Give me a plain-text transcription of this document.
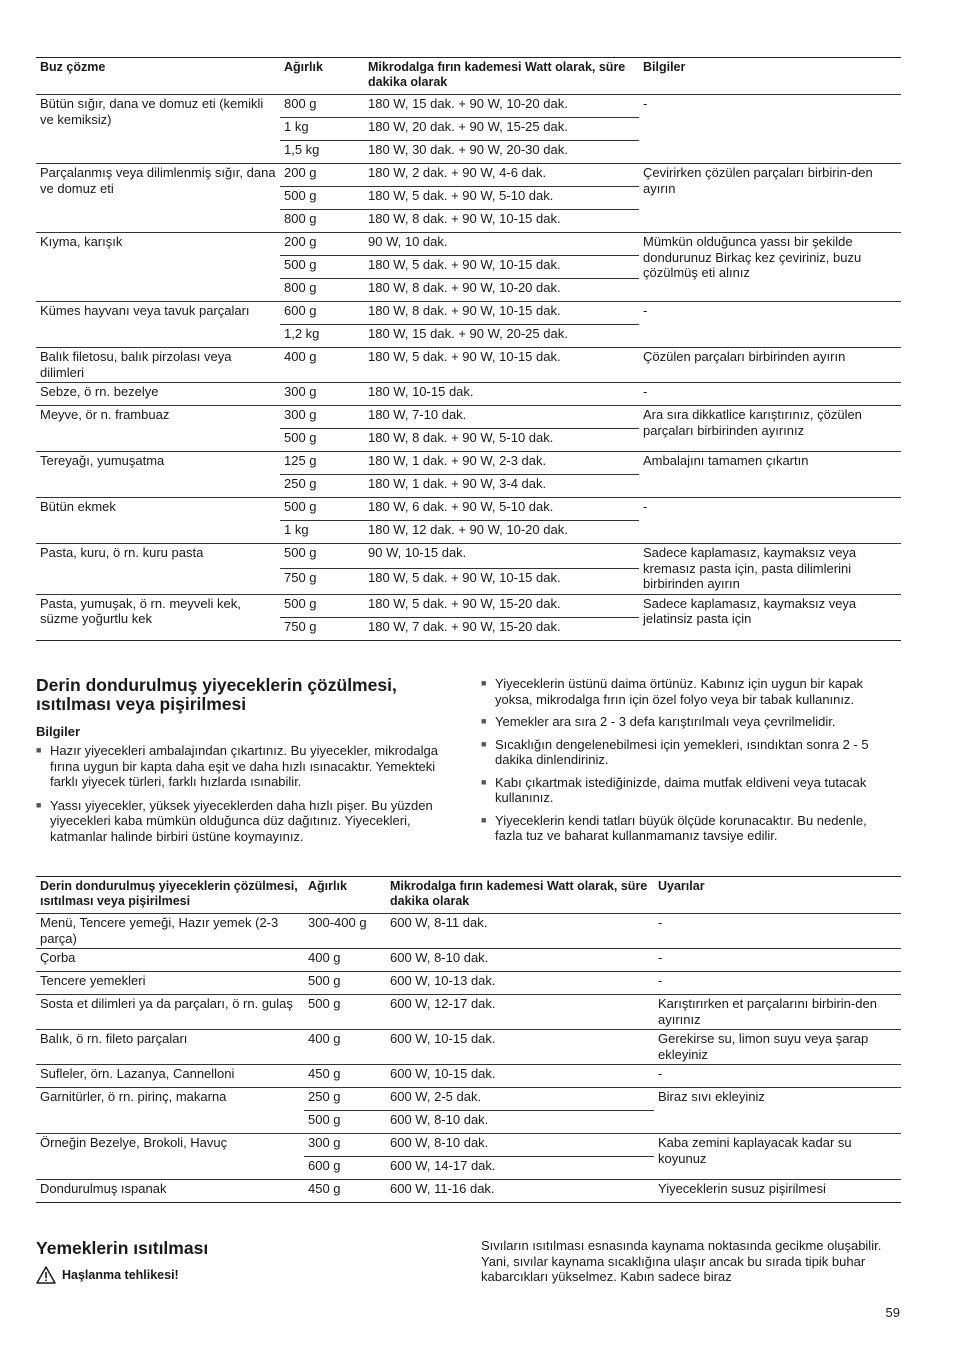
Buz çözme	Ağırlık	Mikrodalga fırın kademesi Watt olarak, süre dakika olarak	Bilgiler
Bütün sığır, dana ve domuz eti (kemikli ve kemiksiz)	800 g	180 W, 15 dak. + 90 W, 10-20 dak.	-
	1 kg	180 W, 20 dak. + 90 W, 15-25 dak.	
	1,5 kg	180 W, 30 dak. + 90 W, 20-30 dak.	
Parçalanmış veya dilimlenmiş sığır, dana ve domuz eti	200 g	180 W, 2 dak. + 90 W, 4-6 dak.	Çevirirken çözülen parçaları birbirin-den ayırın
	500 g	180 W, 5 dak. + 90 W, 5-10 dak.	
	800 g	180 W, 8 dak. + 90 W, 10-15 dak.	
Kıyma, karışık	200 g	90 W, 10 dak.	Mümkün olduğunca yassı bir şekilde dondurunuz Birkaç kez çeviriniz, buzu çözülmüş eti alınız
	500 g	180 W, 5 dak. + 90 W, 10-15 dak.	
	800 g	180 W, 8 dak. + 90 W, 10-20 dak.	
Kümes hayvanı veya tavuk parçaları	600 g	180 W, 8 dak. + 90 W, 10-15 dak.	-
	1,2 kg	180 W, 15 dak. + 90 W, 20-25 dak.	
Balık filetosu, balık pirzolası veya dilimleri	400 g	180 W, 5 dak. + 90 W, 10-15 dak.	Çözülen parçaları birbirinden ayırın
Sebze, ö rn. bezelye	300 g	180 W, 10-15 dak.	-
Meyve, ör n. frambuaz	300 g	180 W, 7-10 dak.	Ara sıra dikkatlice karıştırınız, çözülen parçaları birbirinden ayırınız
	500 g	180 W, 8 dak. + 90 W, 5-10 dak.	
Tereyağı, yumuşatma	125 g	180 W, 1 dak. + 90 W, 2-3 dak.	Ambalajını tamamen çıkartın
	250 g	180 W, 1 dak. + 90 W, 3-4 dak.	
Bütün ekmek	500 g	180 W, 6 dak. + 90 W, 5-10 dak.	-
	1 kg	180 W, 12 dak. + 90 W, 10-20 dak.	
Pasta, kuru, ö rn. kuru pasta	500 g	90 W, 10-15 dak.	Sadece kaplamasız, kaymaksız veya kremasız pasta için, pasta dilimlerini birbirinden ayırın
	750 g	180 W, 5 dak. + 90 W, 10-15 dak.	
Pasta, yumuşak, ö rn. meyveli kek, süzme yoğurtlu kek	500 g	180 W, 5 dak. + 90 W, 15-20 dak.	Sadece kaplamasız, kaymaksız veya jelatinsiz pasta için
	750 g	180 W, 7 dak. + 90 W, 15-20 dak.	
Derin dondurulmuş yiyeceklerin çözülmesi, ısıtılması veya pişirilmesi
Bilgiler
■ Hazır yiyecekleri ambalajından çıkartınız. Bu yiyecekler, mikrodalga fırına uygun bir kapta daha eşit ve daha hızlı ısınacaktır. Yemekteki farklı yiyecek türleri, farklı hızlarda ısınabilir.
■ Yassı yiyecekler, yüksek yiyeceklerden daha hızlı pişer. Bu yüzden yiyecekleri kaba mümkün olduğunca düz dağıtınız. Yiyecekleri, katmanlar halinde birbiri üstüne koymayınız.
■ Yiyeceklerin üstünü daima örtünüz. Kabınız için uygun bir kapak yoksa, mikrodalga fırın için özel folyo veya bir tabak kullanınız.
■ Yemekler ara sıra 2 - 3 defa karıştırılmalı veya çevrilmelidir.
■ Sıcaklığın dengelenebilmesi için yemekleri, ısındıktan sonra 2 - 5 dakika dinlendiriniz.
■ Kabı çıkartmak istediğinizde, daima mutfak eldiveni veya tutacak kullanınız.
■ Yiyeceklerin kendi tatları büyük ölçüde korunacaktır. Bu nedenle, fazla tuz ve baharat kullanmamanız tavsiye edilir.
Derin dondurulmuş yiyeceklerin çözülmesi, ısıtılması veya pişirilmesi	Ağırlık	Mikrodalga fırın kademesi Watt olarak, süre dakika olarak	Uyarılar
Menü, Tencere yemeği, Hazır yemek (2-3 parça)	300-400 g	600 W, 8-11 dak.	-
Çorba	400 g	600 W, 8-10 dak.	-
Tencere yemekleri	500 g	600 W, 10-13 dak.	-
Sosta et dilimleri ya da parçaları, ö rn. gulaş	500 g	600 W, 12-17 dak.	Karıştırırken et parçalarını birbirin-den ayırınız
Balık, ö rn. fileto parçaları	400 g	600 W, 10-15 dak.	Gerekirse su, limon suyu veya şarap ekleyiniz
Sufleler, örn. Lazanya, Cannelloni	450 g	600 W, 10-15 dak.	-
Garnitürler, ö rn. pirinç, makarna	250 g	600 W, 2-5 dak.	Biraz sıvı ekleyiniz
	500 g	600 W, 8-10 dak.	
Örneğin Bezelye, Brokoli, Havuç	300 g	600 W, 8-10 dak.	Kaba zemini kaplayacak kadar su koyunuz
	600 g	600 W, 14-17 dak.	
Dondurulmuş ıspanak	450 g	600 W, 11-16 dak.	Yiyeceklerin susuz pişirilmesi
Yemeklerin ısıtılması
Haşlanma tehlikesi!
Sıvıların ısıtılması esnasında kaynama noktasında gecikme oluşabilir. Yani, sıvılar kaynama sıcaklığına ulaşır ancak bu sırada tipik buhar kabarcıkları yükselmez. Kabın sadece biraz
59
